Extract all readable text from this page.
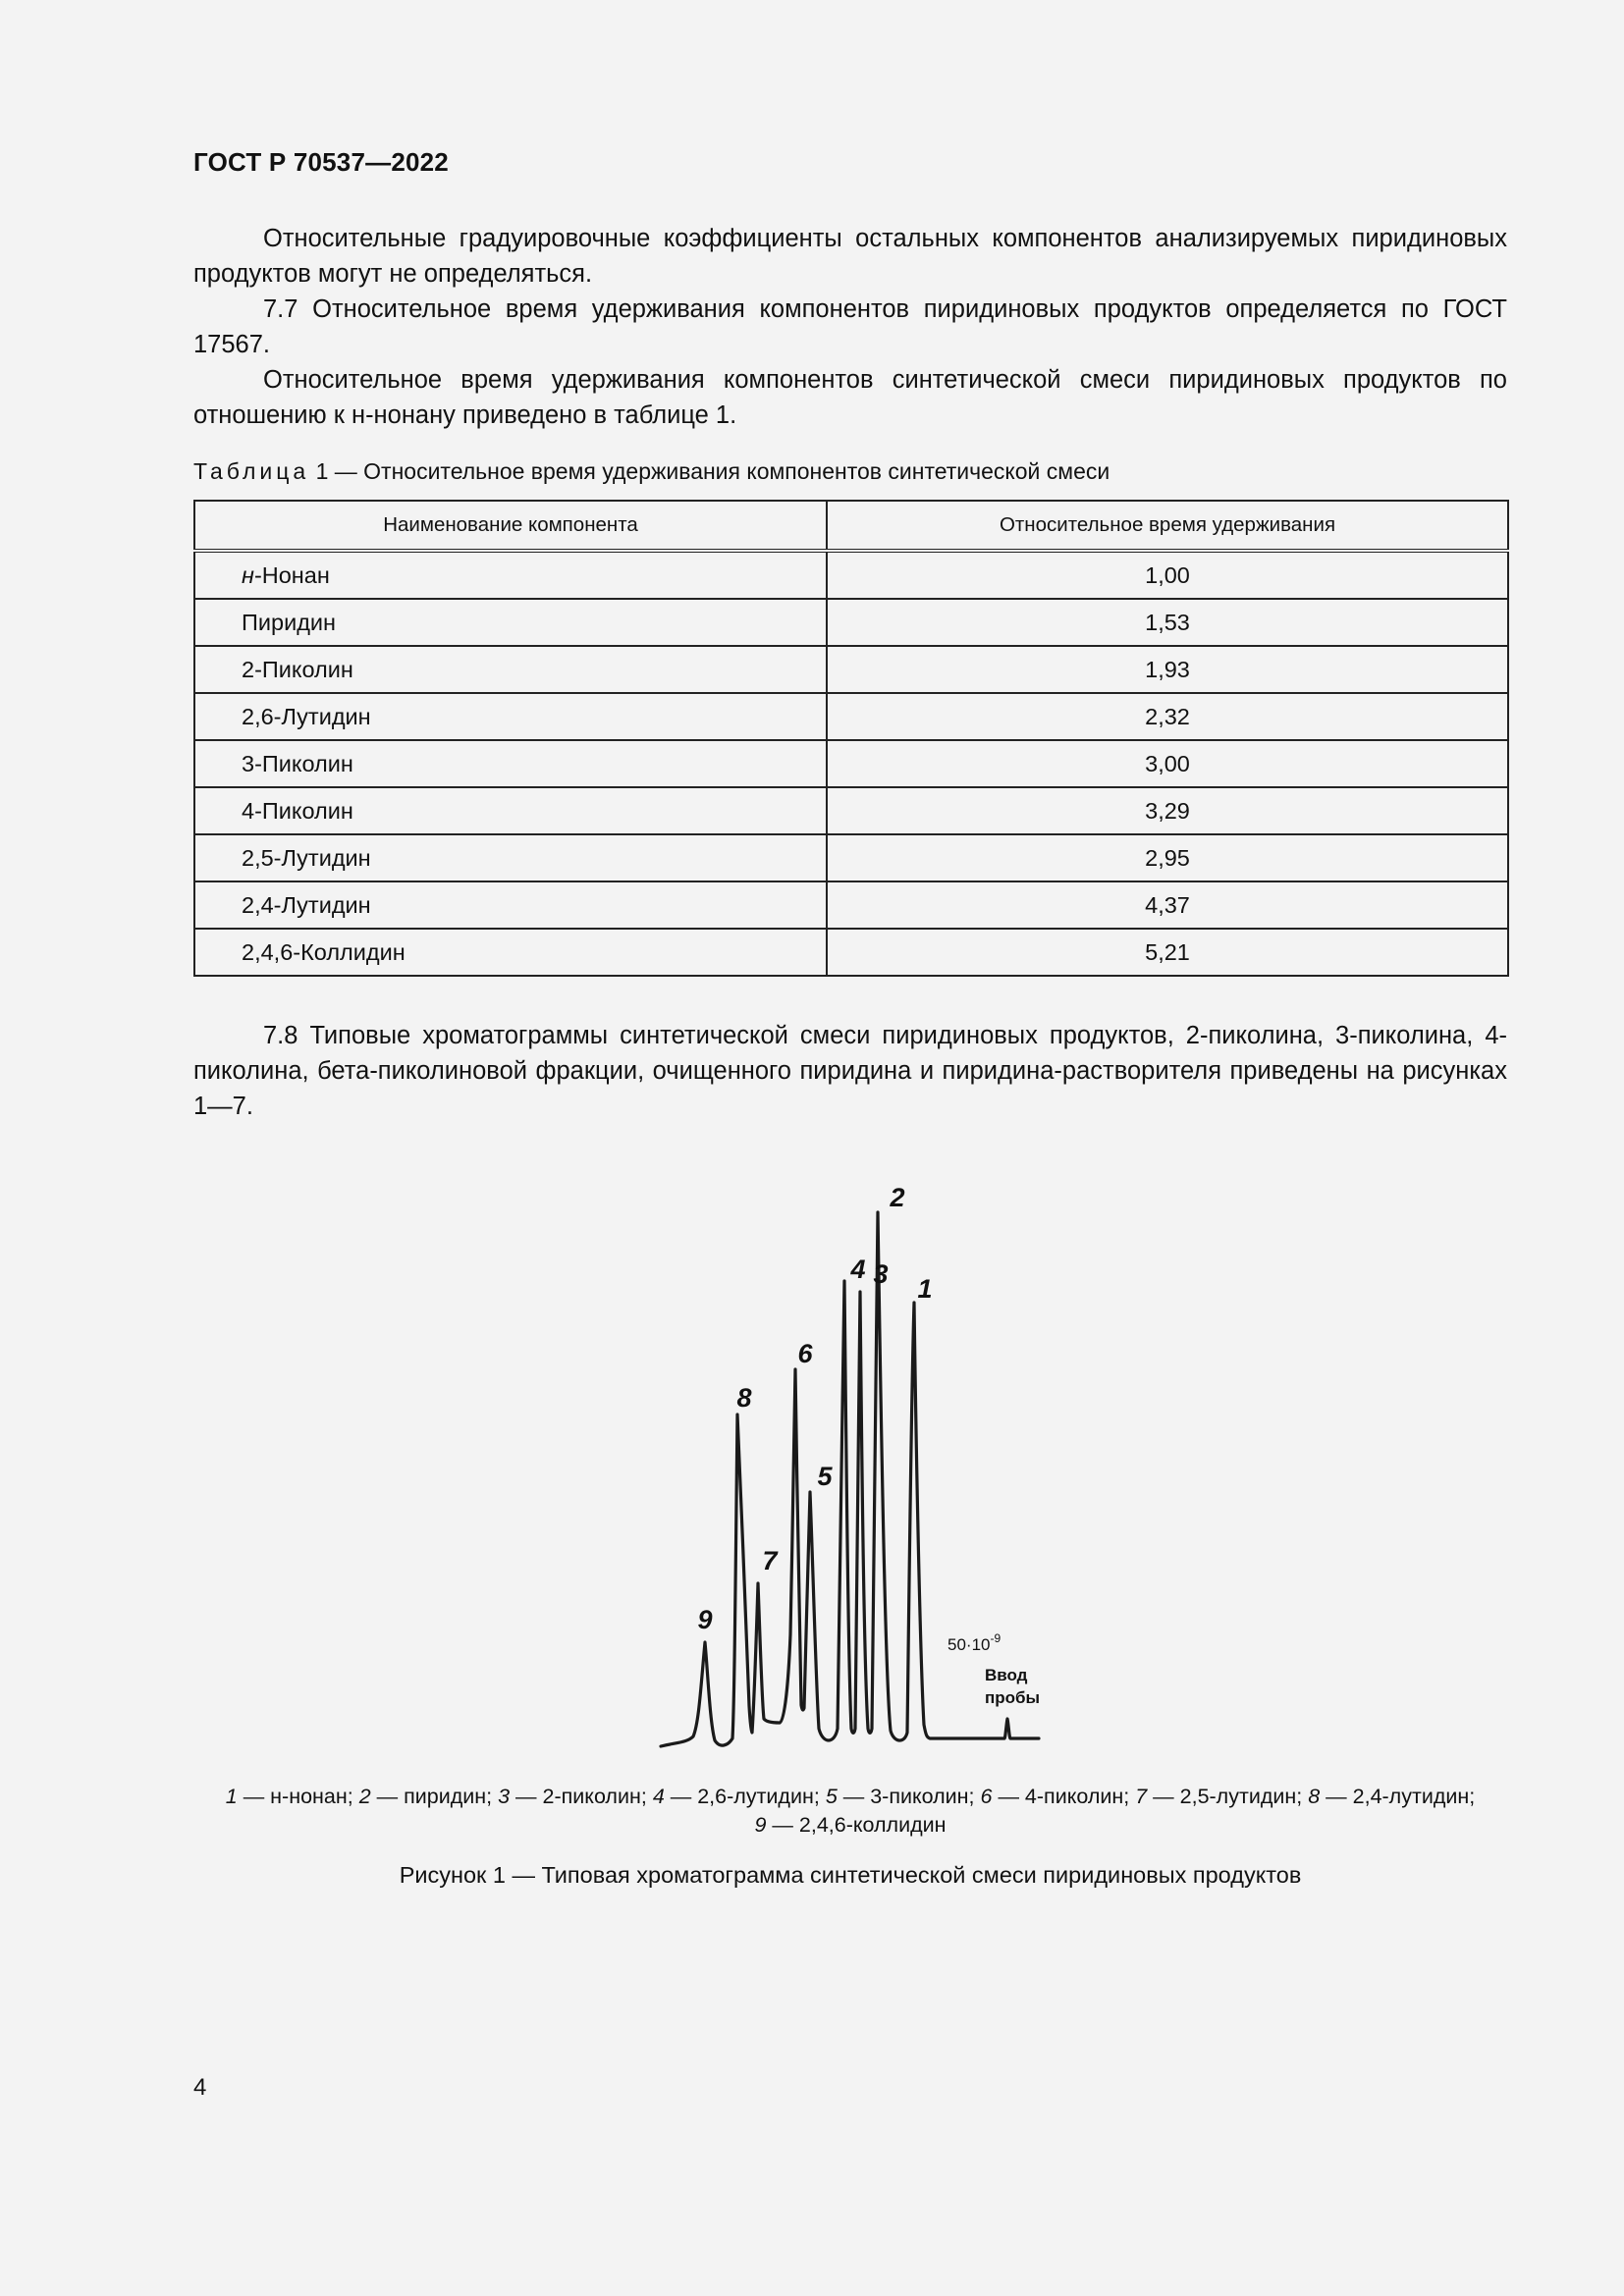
ГОСТ Р 70537—2022

Относительные градуировочные коэффициенты остальных компонентов анализируемых пиридиновых продуктов могут не определяться.

7.7 Относительное время удерживания компонентов пиридиновых продуктов определяется по ГОСТ 17567.

Относительное время удерживания компонентов синтетической смеси пиридиновых продуктов по отношению к н-нонану приведено в таблице 1.

Таблица 1 — Относительное время удерживания компонентов синтетической смеси
Наименование компонента	Относительное время удерживания
н-Нонан	1,00
Пиридин	1,53
2-Пиколин	1,93
2,6-Лутидин	2,32
3-Пиколин	3,00
4-Пиколин	3,29
2,5-Лутидин	2,95
2,4-Лутидин	4,37
2,4,6-Коллидин	5,21

7.8 Типовые хроматограммы синтетической смеси пиридиновых продуктов, 2-пиколина, 3-пиколина, 4-пиколина, бета-пиколиновой фракции, очищенного пиридина и пиридина-растворителя приведены на рисунках 1—7.

1
2
3
4
5
6
7
8
9
$50\cdot 10^{-9}$
Ввод
пробы
1 — н-нонан; 2 — пиридин; 3 — 2-пиколин; 4 — 2,6-лутидин; 5 — 3-пиколин; 6 — 4-пиколин; 7 — 2,5-лутидин; 8 — 2,4-лутидин;
9 — 2,4,6-коллидин
Рисунок 1 — Типовая хроматограмма синтетической смеси пиридиновых продуктов
4
